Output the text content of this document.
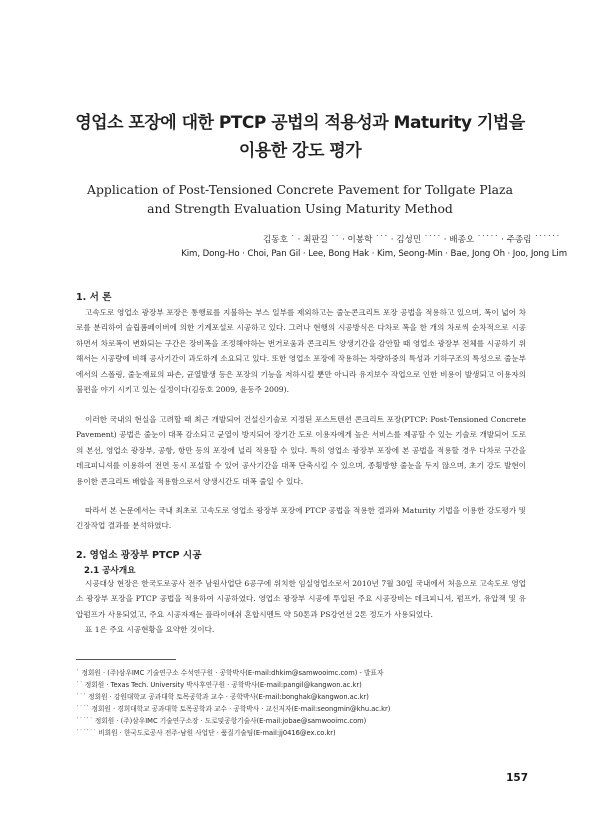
영업소 포장에 대한 PTCP 공법의 적용성과 Maturity 기법을
이용한 강도 평가
Application of Post-Tensioned Concrete Pavement for Tollgate Plaza
and Strength Evaluation Using Maturity Method
김동호 ˙ · 최판길 ˙˙ · 이봉학 ˙˙˙ · 김성민 ˙˙˙˙ · 배종오 ˙˙˙˙˙ · 주종림 ˙˙˙˙˙˙
Kim, Dong-Ho · Choi, Pan Gil · Lee, Bong Hak · Kim, Seong-Min · Bae, Jong Oh · Joo, Jong Lim
1. 서 론

고속도로 영업소 광장부 포장은 통행료를 지불하는 부스 일부를 제외하고는 줄눈콘크리트 포장 공법을 적용하고 있으며, 폭이 넓어 차로를 분리하여 슬립폼페이버에 의한 기계포설로 시공하고 있다. 그러나 현행의 시공방식은 다차로 폭을 한 개의 차로씩 순차적으로 시공하면서 차로폭이 변화되는 구간은 장비폭을 조정해야하는 번거로움과 콘크리트 양생기간을 감안할 때 영업소 광장부 전체를 시공하기 위해서는 시공량에 비해 공사기간이 과도하게 소요되고 있다. 또한 영업소 포장에 작용하는 차량하중의 특성과 기하구조의 특성으로 줄눈부에서의 스폴링, 줄눈재료의 파손, 균열발생 등은 포장의 기능을 저하시킬 뿐만 아니라 유지보수 작업으로 인한 비용이 발생되고 이용자의 불편을 야기 시키고 있는 실정이다(김동호 2009, 윤동주 2009).

이러한 국내의 현실을 고려할 때 최근 개발되어 건설신기술로 지정된 포스트텐션 콘크리트 포장(PTCP: Post-Tensioned Concrete Pavement) 공법은 줄눈이 대폭 감소되고 균열이 방지되어 장기간 도로 이용자에게 높은 서비스를 제공할 수 있는 기술로 개발되어 도로의 본선, 영업소 광장부, 공항, 항만 등의 포장에 널리 적용할 수 있다. 특히 영업소 광장부 포장에 본 공법을 적용할 경우 다차로 구간을 데크피니셔를 이용하여 전면 동시 포설할 수 있어 공사기간을 대폭 단축시킬 수 있으며, 종횡방향 줄눈을 두지 않으며, 초기 강도 발현이 용이한 콘크리트 배합을 적용함으로서 양생시간도 대폭 줄일 수 있다.

따라서 본 논문에서는 국내 최초로 고속도로 영업소 광장부 포장에 PTCP 공법을 적용한 결과와 Maturity 기법을 이용한 강도평가 및 긴장작업 결과를 분석하였다.

2. 영업소 광장부 PTCP 시공
2.1 공사개요

시공대상 현장은 한국도로공사 전주 남원사업단 6공구에 위치한 임실영업소로서 2010년 7월 30일 국내에서 처음으로 고속도로 영업소 광장부 포장을 PTCP 공법을 적용하여 시공하였다. 영업소 광장부 시공에 투입된 주요 시공장비는 데크피니셔, 펌프카, 유압잭 및 유압펌프가 사용되었고, 주요 시공자재는 플라이애쉬 혼합시멘트 약 50톤과 PS강연선 2톤 정도가 사용되었다.

표 1은 주요 시공현황을 요약한 것이다.

˙ 정회원 · (주)삼우IMC 기술연구소 수석연구원 · 공학박사(E-mail:dhkim@samwooimc.com) - 발표자
˙˙ 정회원 · Texas Tech. University 박사후연구원 · 공학박사(E-mail:pangil@kangwon.ac.kr)
˙˙˙ 정회원 · 강원대학교 공과대학 토목공학과 교수 · 공학박사(E-mail:bonghak@kangwon.ac.kr)
˙˙˙˙ 정회원 · 경희대학교 공과대학 토목공학과 교수 · 공학박사 · 교신저자(E-mail:seongmin@khu.ac.kr)
˙˙˙˙˙ 정회원 · (주)삼우IMC 기술연구소장 · 도로및공항기술사(E-mail:jobae@samwooimc.com)
˙˙˙˙˙˙ 비회원 · 한국도로공사 전주-남원 사업단 · 품질기술팀(E-mail:jj0416@ex.co.kr)
157
